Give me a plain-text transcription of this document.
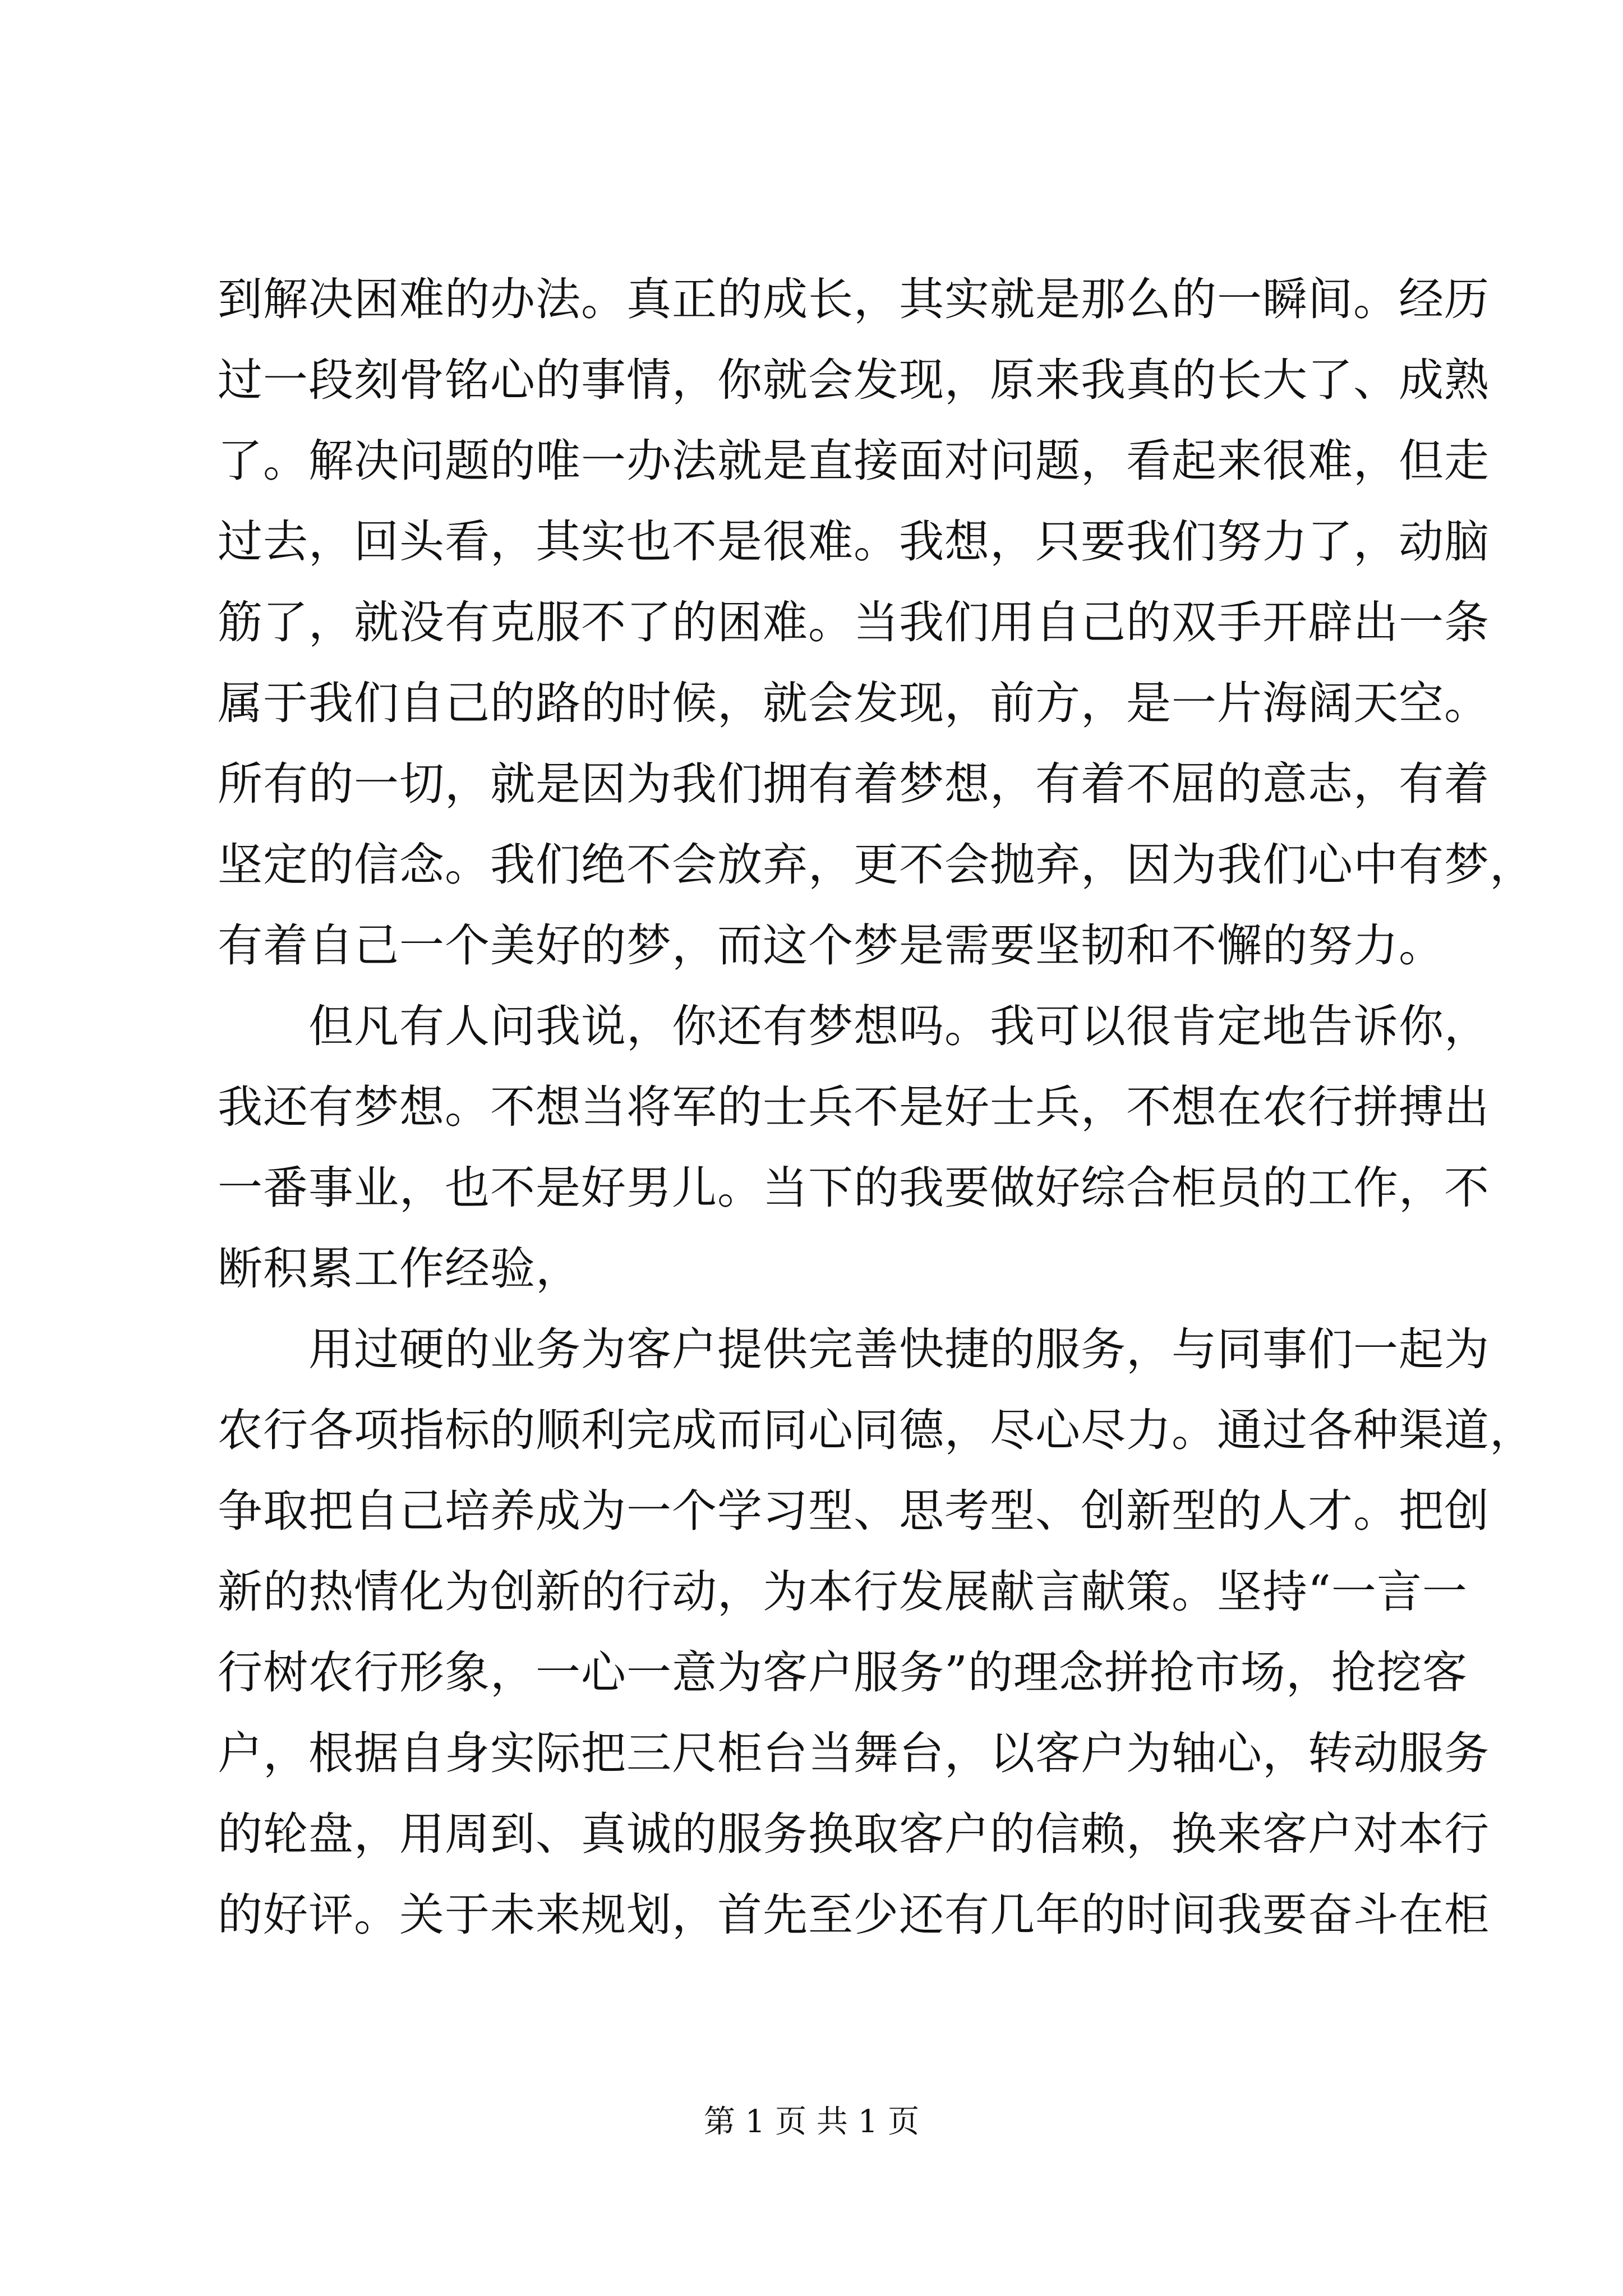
到解决困难的办法。真正的成长，其实就是那么的一瞬间。经历
过一段刻骨铭心的事情，你就会发现，原来我真的长大了、成熟
了。解决问题的唯一办法就是直接面对问题，看起来很难，但走
过去，回头看，其实也不是很难。我想，只要我们努力了，动脑
筋了，就没有克服不了的困难。当我们用自己的双手开辟出一条
属于我们自己的路的时候，就会发现，前方，是一片海阔天空。
所有的一切，就是因为我们拥有着梦想，有着不屈的意志，有着
坚定的信念。我们绝不会放弃，更不会抛弃，因为我们心中有梦，
有着自己一个美好的梦，而这个梦是需要坚韧和不懈的努力。
　　但凡有人问我说，你还有梦想吗。我可以很肯定地告诉你，
我还有梦想。不想当将军的士兵不是好士兵，不想在农行拼搏出
一番事业，也不是好男儿。当下的我要做好综合柜员的工作，不
断积累工作经验，
　　用过硬的业务为客户提供完善快捷的服务，与同事们一起为
农行各项指标的顺利完成而同心同德，尽心尽力。通过各种渠道，
争取把自己培养成为一个学习型、思考型、创新型的人才。把创
新的热情化为创新的行动，为本行发展献言献策。坚持“一言一
行树农行形象，一心一意为客户服务”的理念拼抢市场，抢挖客
户，根据自身实际把三尺柜台当舞台，以客户为轴心，转动服务
的轮盘，用周到、真诚的服务换取客户的信赖，换来客户对本行
的好评。关于未来规划，首先至少还有几年的时间我要奋斗在柜
第 1 页 共 1 页
